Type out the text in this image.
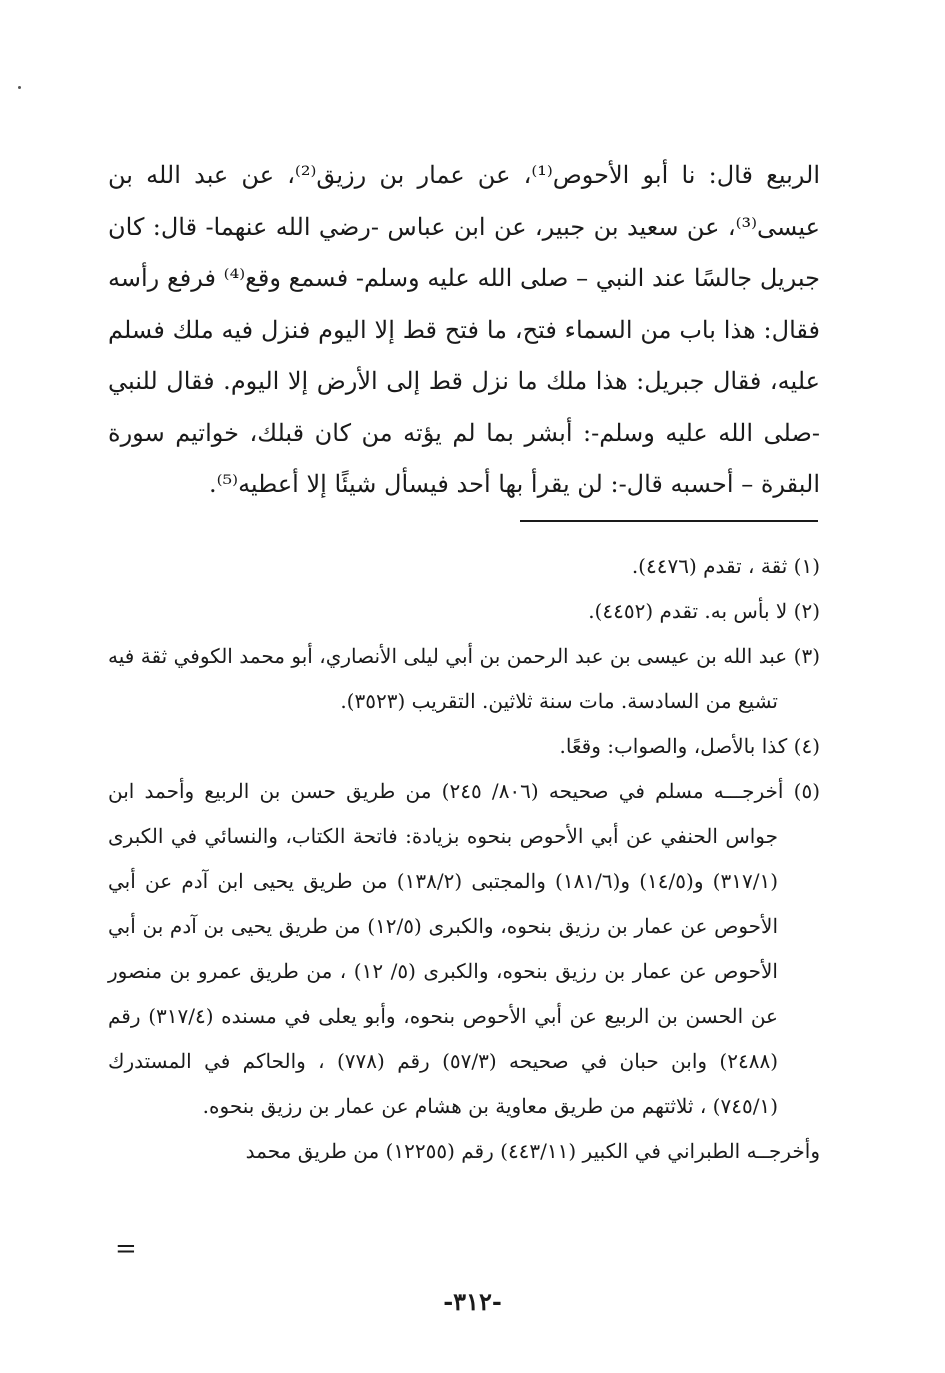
الربيع قال: نا أبو الأحوص⁽¹⁾، عن عمار بن رزيق⁽²⁾، عن عبد الله بن عيسى⁽³⁾، عن سعيد بن جبير، عن ابن عباس -رضي الله عنهما- قال: كان جبريل جالسًا عند النبي – صلى الله عليه وسلم- فسمع وقع⁽⁴⁾ فرفع رأسه فقال: هذا باب من السماء فتح، ما فتح قط إلا اليوم فنزل فيه ملك فسلم عليه، فقال جبريل: هذا ملك ما نزل قط إلى الأرض إلا اليوم. فقال للنبي -صلى الله عليه وسلم-: أبشر بما لم يؤته من كان قبلك، خواتيم سورة البقرة – أحسبه قال-: لن يقرأ بها أحد فيسأل شيئًا إلا أعطيه⁽⁵⁾.

(١) ثقة ، تقدم (٤٤٧٦).

(٢) لا بأس به. تقدم (٤٤٥٢).

(٣) عبد الله بن عيسى بن عبد الرحمن بن أبي ليلى الأنصاري، أبو محمد الكوفي ثقة فيه تشيع من السادسة. مات سنة ثلاثين. التقريب (٣٥٢٣).

(٤) كذا بالأصل، والصواب: وقعًا.

(٥) أخرجـــه مسلم في صحيحه (٨٠٦/ ٢٤٥) من طريق حسن بن الربيع وأحمد ابن جواس الحنفي عن أبي الأحوص بنحوه بزيادة: فاتحة الكتاب، والنسائي في الكبرى (٣١٧/١) و(١٤/٥) و(١٨١/٦) والمجتبى (١٣٨/٢) من طريق يحيى ابن آدم عن أبي الأحوص عن عمار بن رزيق بنحوه، والكبرى (١٢/٥) من طريق يحيى بن آدم بن أبي الأحوص عن عمار بن رزيق بنحوه، والكبرى (٥/ ١٢) ، من طريق عمرو بن منصور عن الحسن بن الربيع عن أبي الأحوص بنحوه، وأبو يعلى في مسنده (٣١٧/٤) رقم (٢٤٨٨) وابن حبان في صحيحه (٥٧/٣) رقم (٧٧٨) ، والحاكم في المستدرك (٧٤٥/١) ، ثلاثتهم من طريق معاوية بن هشام عن عمار بن رزيق بنحوه.

وأخرجــه الطبراني في الكبير (٤٤٣/١١) رقم (١٢٢٥٥) من طريق محمد

=
-٣١٢-
